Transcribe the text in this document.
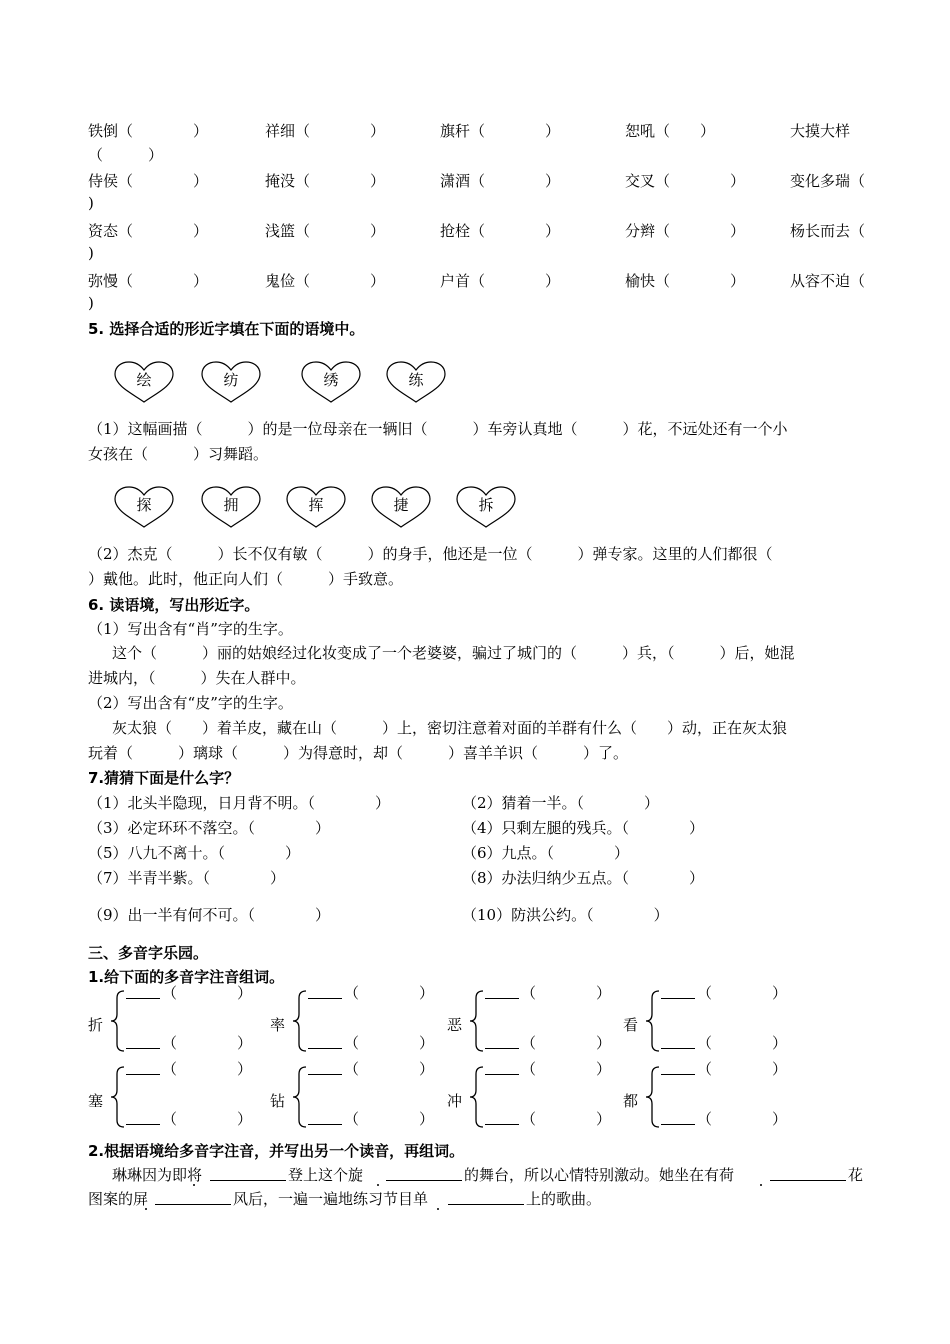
铁倒（　　　　）	祥细（　　　　）	旗秆（　　　　）	恕吼（　　）	大摸大样
（　　　）
侍侯（　　　　）	掩没（　　　　）	潇酒（　　　　）	交叉（　　　　）	变化多瑞（
)
资态（　　　　）	浅篮（　　　　）	抢栓（　　　　）	分辫（　　　　）	杨长而去（
)
弥慢（　　　　）	鬼俭（　　　　）	户首（　　　　）	榆快（　　　　）	从容不迫（
)
5. 选择合适的形近字填在下面的语境中。
绘	纺	绣	练
（1）这幅画描（　　　）的是一位母亲在一辆旧（　　　）车旁认真地（　　　）花，不远处还有一个小
女孩在（　　　）习舞蹈。
探	拥	挥	捷	拆
（2）杰克（　　　）长不仅有敏（　　　）的身手，他还是一位（　　　）弹专家。这里的人们都很（
）戴他。此时，他正向人们（　　　）手致意。
6. 读语境，写出形近字。
（1）写出含有“肖”字的生字。
这个（　　　）丽的姑娘经过化妆变成了一个老婆婆，骗过了城门的（　　　）兵，（　　　）后，她混
进城内，（　　　）失在人群中。
（2）写出含有“皮”字的生字。
灰太狼（　　）着羊皮，藏在山（　　　）上，密切注意着对面的羊群有什么（　　）动，正在灰太狼
玩着（　　　）璃球（　　　）为得意时，却（　　　）喜羊羊识（　　　）了。
7.猜猜下面是什么字？
（1）北头半隐现，日月背不明。（　　　　）
（3）必定环环不落空。（　　　　）
（5）八九不离十。（　　　　）
（7）半青半紫。（　　　　）
（9）出一半有何不可。（　　　　）
（2）猜着一半。（　　　　）
（4）只剩左腿的残兵。（　　　　）
（6）九点。（　　　　）
（8）办法归纳少五点。（　　　　）
（10）防洪公约。（　　　　）
三、多音字乐园。
1.给下面的多音字注音组词。
折
（　　　　）
（　　　　）
率
（　　　　）
（　　　　）
恶
（　　　　）
（　　　　）
看
（　　　　）
（　　　　）
塞
（　　　　）
（　　　　）
钻
（　　　　）
（　　　　）
冲
（　　　　）
（　　　　）
都
（　　　　）
（　　　　）
2.根据语境给多音字注音，并写出另一个读音，再组词。
琳琳因为即将	登上这个旋	的舞台，所以心情特别激动。她坐在有荷	花
图案的屏	风后，一遍一遍地练习节目单	上的歌曲。
